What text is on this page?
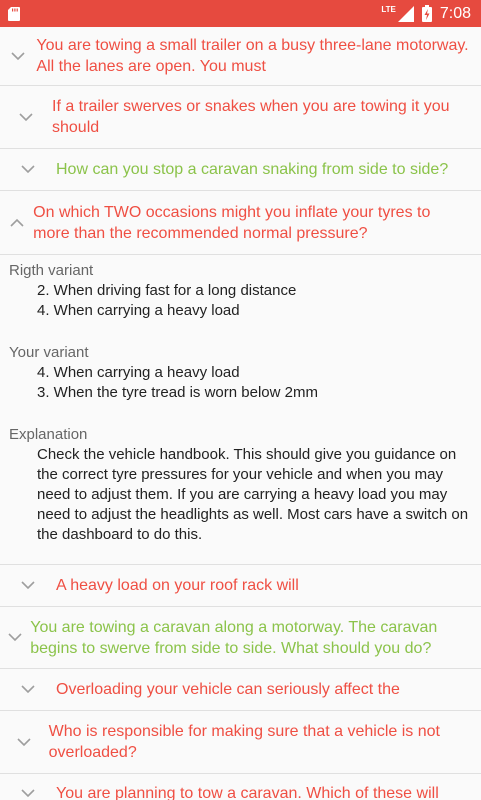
LTE	7:08
You are towing a small trailer on a busy three-lane motorway. All the lanes are open. You must
If a trailer swerves or snakes when you are towing it you should
How can you stop a caravan snaking from side to side?
On which TWO occasions might you inflate your tyres to more than the recommended normal pressure?
Rigth variant
2. When driving fast for a long distance
4. When carrying a heavy load
Your variant
4. When carrying a heavy load
3. When the tyre tread is worn below 2mm
Explanation
Check the vehicle handbook. This should give you guidance on the correct tyre pressures for your vehicle and when you may need to adjust them. If you are carrying a heavy load you may need to adjust the headlights as well. Most cars have a switch on the dashboard to do this.
A heavy load on your roof rack will
You are towing a caravan along a motorway. The caravan begins to swerve from side to side. What should you do?
Overloading your vehicle can seriously affect the
Who is responsible for making sure that a vehicle is not overloaded?
You are planning to tow a caravan. Which of these will
